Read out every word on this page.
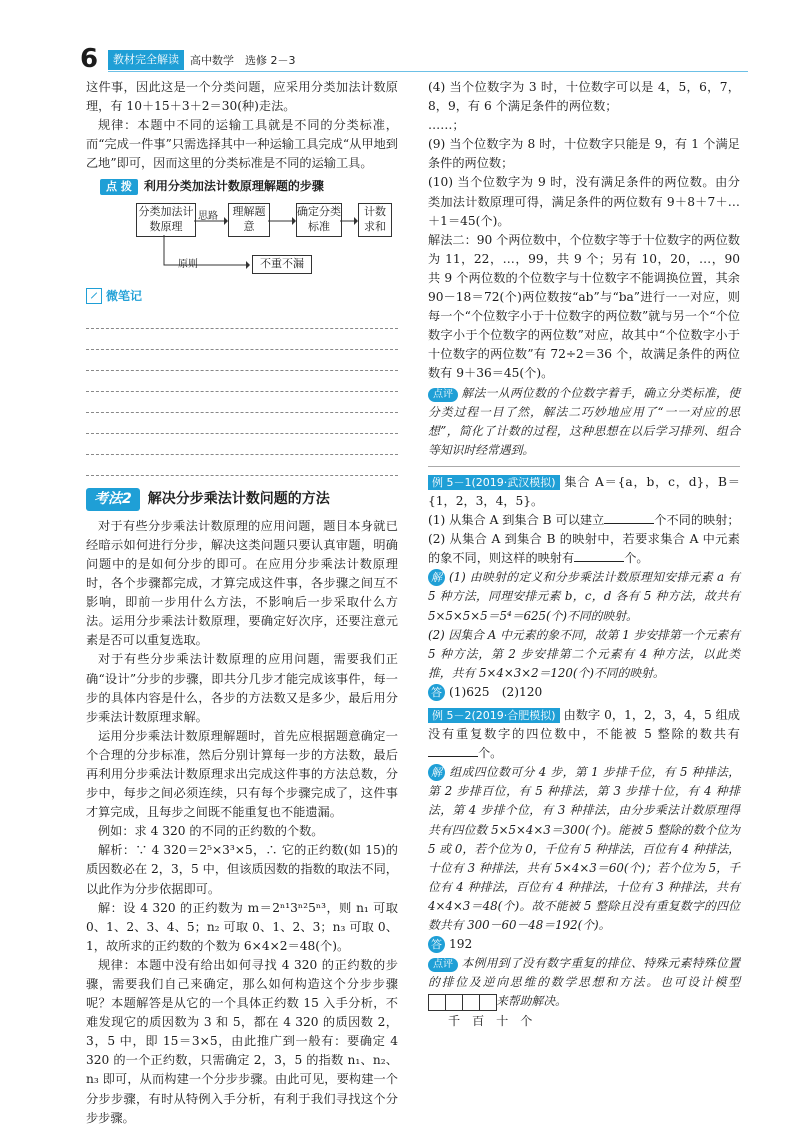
6	教材完全解读	高中数学　选修 2－3

这件事，因此这是一个分类问题，应采用分类加法计数原理，有 10＋15＋3＋2＝30(种)走法。

规律：本题中不同的运输工具就是不同的分类标准，而“完成一件事”只需选择其中一种运输工具完成“从甲地到乙地”即可，因而这里的分类标准是不同的运输工具。

点 拨	利用分类加法计数原理解题的步骤
分类加法计数原理
思路	理解题意
确定分类标准
计数求和
原则	不重不漏
微笔记
考法2	解决分步乘法计数问题的方法

对于有些分步乘法计数原理的应用问题，题目本身就已经暗示如何进行分步，解决这类问题只要认真审题，明确问题中的是如何分步的即可。在应用分步乘法计数原理时，各个步骤都完成，才算完成这件事，各步骤之间互不影响，即前一步用什么方法，不影响后一步采取什么方法。运用分步乘法计数原理，要确定好次序，还要注意元素是否可以重复选取。

对于有些分步乘法计数原理的应用问题，需要我们正确“设计”分步的步骤，即共分几步才能完成该事件，每一步的具体内容是什么，各步的方法数又是多少，最后用分步乘法计数原理求解。

运用分步乘法计数原理解题时，首先应根据题意确定一个合理的分步标准，然后分别计算每一步的方法数，最后再利用分步乘法计数原理求出完成这件事的方法总数，分步中，每步之间必须连续，只有每个步骤完成了，这件事才算完成，且每步之间既不能重复也不能遗漏。

例如：求 4 320 的不同的正约数的个数。

解析：∵ 4 320＝2⁵×3³×5，∴ 它的正约数(如 15)的质因数必在 2，3，5 中，但该质因数的指数的取法不同，以此作为分步依据即可。

解：设 4 320 的正约数为 m＝2ⁿ¹3ⁿ²5ⁿ³，则 n₁ 可取 0、1、2、3、4、5；n₂ 可取 0、1、2、3；n₃ 可取 0、1，故所求的正约数的个数为 6×4×2＝48(个)。

规律：本题中没有给出如何寻找 4 320 的正约数的步骤，需要我们自己来确定，那么如何构造这个分步步骤呢？本题解答是从它的一个具体正约数 15 入手分析，不难发现它的质因数为 3 和 5，都在 4 320 的质因数 2，3，5 中，即 15＝3×5，由此推广到一般有：要确定 4 320 的一个正约数，只需确定 2，3，5 的指数 n₁、n₂、n₃ 即可，从而构建一个分步步骤。由此可见，要构建一个分步步骤，有时从特例入手分析，有利于我们寻找这个分步步骤。

(4) 当个位数字为 3 时，十位数字可以是 4，5，6，7，8，9，有 6 个满足条件的两位数；

……；

(9) 当个位数字为 8 时，十位数字只能是 9，有 1 个满足条件的两位数；

(10) 当个位数字为 9 时，没有满足条件的两位数。由分类加法计数原理可得，满足条件的两位数有 9＋8＋7＋…＋1＝45(个)。

解法二：90 个两位数中，个位数字等于十位数字的两位数为 11，22，…，99，共 9 个；另有 10，20，…，90 共 9 个两位数的个位数字与十位数字不能调换位置，其余 90－18＝72(个)两位数按“ab”与“ba”进行一一对应，则每一个“个位数字小于十位数字的两位数”就与另一个“个位数字小于个位数字的两位数”对应，故其中“个位数字小于十位数字的两位数”有 72÷2＝36 个，故满足条件的两位数有 9＋36＝45(个)。

点评 解法一从两位数的个位数字着手，确立分类标准，使分类过程一目了然，解法二巧妙地应用了“一一对应的思想”，简化了计数的过程，这种思想在以后学习排列、组合等知识时经常遇到。

例 5－1(2019·武汉模拟) 集合 A＝{a，b，c，d}，B＝{1，2，3，4，5}。

(1) 从集合 A 到集合 B 可以建立	个不同的映射；

(2) 从集合 A 到集合 B 的映射中，若要求集合 A 中元素的象不同，则这样的映射有	个。

解 (1) 由映射的定义和分步乘法计数原理知安排元素 a 有 5 种方法，同理安排元素 b，c，d 各有 5 种方法，故共有 5×5×5×5＝5⁴＝625(个)不同的映射。

(2) 因集合 A 中元素的象不同，故第 1 步安排第一个元素有 5 种方法，第 2 步安排第二个元素有 4 种方法，以此类推，共有 5×4×3×2＝120(个)不同的映射。

答 (1)625　(2)120

例 5－2(2019·合肥模拟) 由数字 0，1，2，3，4，5 组成没有重复数字的四位数中，不能被 5 整除的数共有个。

解 组成四位数可分 4 步，第 1 步排千位，有 5 种排法，第 2 步排百位，有 5 种排法，第 3 步排十位，有 4 种排法，第 4 步排个位，有 3 种排法，由分步乘法计数原理得共有四位数 5×5×4×3＝300(个)。能被 5 整除的数个位为 5 或 0，若个位为 0，千位有 5 种排法，百位有 4 种排法，十位有 3 种排法，共有 5×4×3＝60(个)；若个位为 5，千位有 4 种排法，百位有 4 种排法，十位有 3 种排法，共有 4×4×3＝48(个)。故不能被 5 整除且没有重复数字的四位数共有 300－60－48＝192(个)。

答 192

点评 本例用到了没有数字重复的排位、特殊元素特殊位置的排位及逆向思维的数学思想和方法。也可设计模型
来帮助解决。

千 百 十 个
